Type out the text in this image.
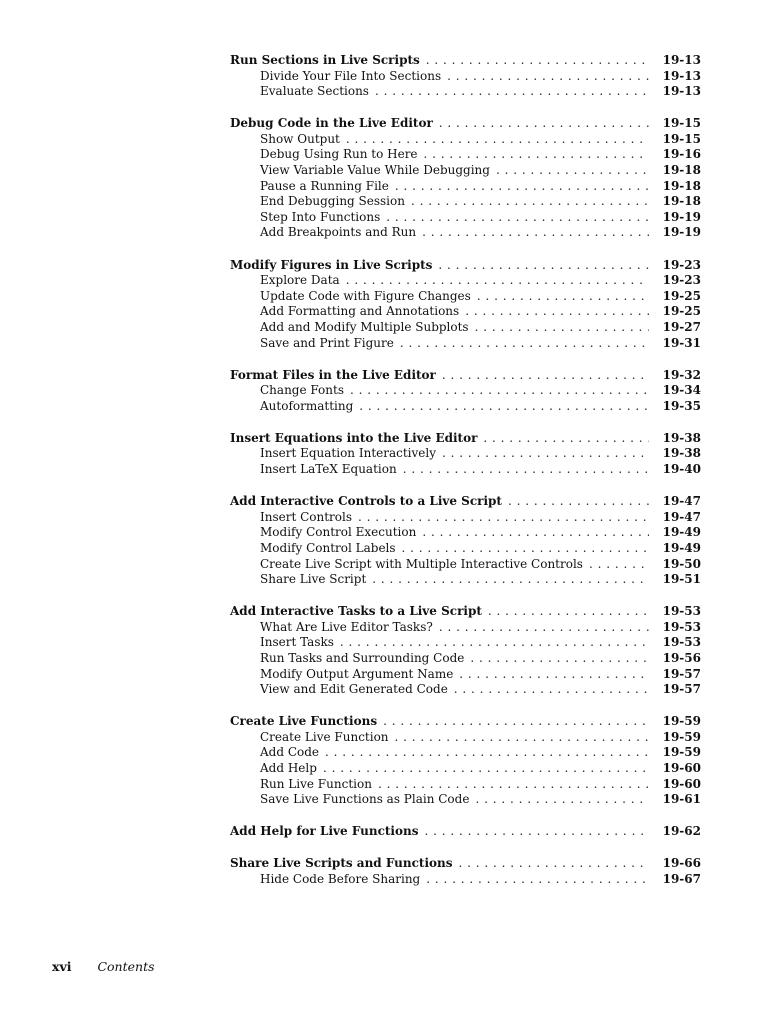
Run Sections in Live Scripts . . .	19-13
Divide Your File Into Sections . . .	19-13
Evaluate Sections . . .	19-13
Debug Code in the Live Editor . . .	19-15
Show Output . . .	19-15
Debug Using Run to Here . . .	19-16
View Variable Value While Debugging . . .	19-18
Pause a Running File . . .	19-18
End Debugging Session . . .	19-18
Step Into Functions . . .	19-19
Add Breakpoints and Run . . .	19-19
Modify Figures in Live Scripts . . .	19-23
Explore Data . . .	19-23
Update Code with Figure Changes . . .	19-25
Add Formatting and Annotations . . .	19-25
Add and Modify Multiple Subplots . . .	19-27
Save and Print Figure . . .	19-31
Format Files in the Live Editor . . .	19-32
Change Fonts . . .	19-34
Autoformatting . . .	19-35
Insert Equations into the Live Editor . . .	19-38
Insert Equation Interactively . . .	19-38
Insert LaTeX Equation . . .	19-40
Add Interactive Controls to a Live Script . . .	19-47
Insert Controls . . .	19-47
Modify Control Execution . . .	19-49
Modify Control Labels . . .	19-49
Create Live Script with Multiple Interactive Controls . . .	19-50
Share Live Script . . .	19-51
Add Interactive Tasks to a Live Script . . .	19-53
What Are Live Editor Tasks? . . .	19-53
Insert Tasks . . .	19-53
Run Tasks and Surrounding Code . . .	19-56
Modify Output Argument Name . . .	19-57
View and Edit Generated Code . . .	19-57
Create Live Functions . . .	19-59
Create Live Function . . .	19-59
Add Code . . .	19-59
Add Help . . .	19-60
Run Live Function . . .	19-60
Save Live Functions as Plain Code . . .	19-61
Add Help for Live Functions . . .	19-62
Share Live Scripts and Functions . . .	19-66
Hide Code Before Sharing . . .	19-67
xvi Contents
